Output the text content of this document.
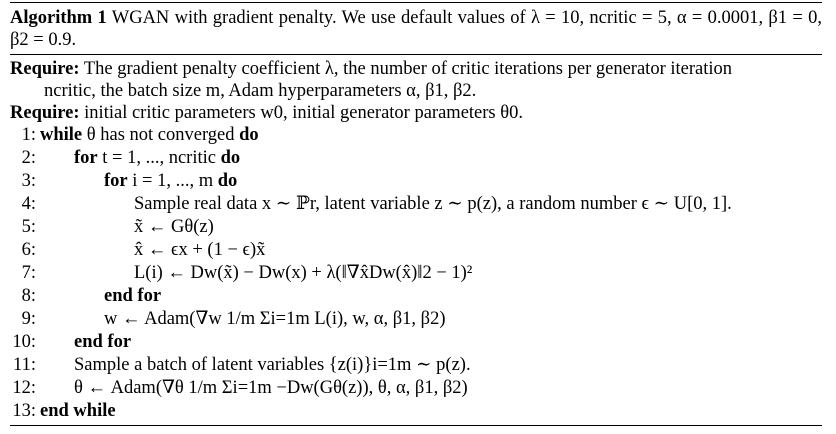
Algorithm 1 WGAN with gradient penalty. We use default values of λ = 10, ncritic = 5, α = 0.0001, β1 = 0, β2 = 0.9.
Require: The gradient penalty coefficient λ, the number of critic iterations per generator iteration
ncritic, the batch size m, Adam hyperparameters α, β1, β2.
Require: initial critic parameters w0, initial generator parameters θ0.
1: while θ has not converged do
2:	for t = 1, ..., ncritic do
3:	for i = 1, ..., m do
4:	Sample real data x ∼ ℙr, latent variable z ∼ p(z), a random number ϵ ∼ U[0, 1].
5:	x̃ ← Gθ(z)
6:	x̂ ← ϵx + (1 − ϵ)x̃
7:	L(i) ← Dw(x̃) − Dw(x) + λ(‖∇x̂Dw(x̂)‖2 − 1)²
8:	end for
9:	w ← Adam(∇w 1/m Σi=1m L(i), w, α, β1, β2)
10:	end for
11:	Sample a batch of latent variables {z(i)}i=1m ∼ p(z).
12:	θ ← Adam(∇θ 1/m Σi=1m −Dw(Gθ(z)), θ, α, β1, β2)
13: end while
